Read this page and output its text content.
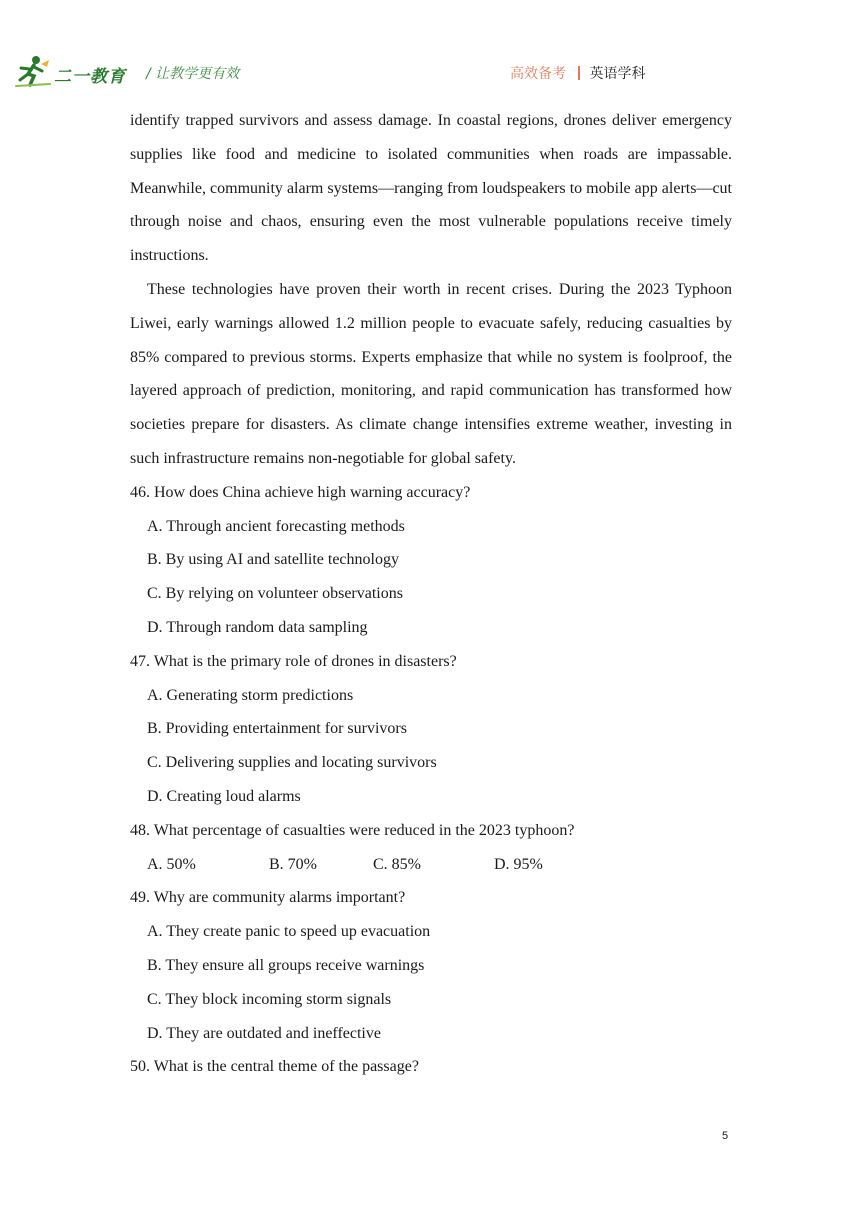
二一教育 / 让教学更有效	高效备考 英语学科

identify trapped survivors and assess damage. In coastal regions, drones deliver emergency supplies like food and medicine to isolated communities when roads are impassable. Meanwhile, community alarm systems—ranging from loudspeakers to mobile app alerts—cut through noise and chaos, ensuring even the most vulnerable populations receive timely instructions.

These technologies have proven their worth in recent crises. During the 2023 Typhoon Liwei, early warnings allowed 1.2 million people to evacuate safely, reducing casualties by 85% compared to previous storms. Experts emphasize that while no system is foolproof, the layered approach of prediction, monitoring, and rapid communication has transformed how societies prepare for disasters. As climate change intensifies extreme weather, investing in such infrastructure remains non-negotiable for global safety.

46. How does China achieve high warning accuracy?

A. Through ancient forecasting methods

B. By using AI and satellite technology

C. By relying on volunteer observations

D. Through random data sampling

47. What is the primary role of drones in disasters?

A. Generating storm predictions

B. Providing entertainment for survivors

C. Delivering supplies and locating survivors

D. Creating loud alarms

48. What percentage of casualties were reduced in the 2023 typhoon?

A. 50%	B. 70%	C. 85%	D. 95%

49. Why are community alarms important?

A. They create panic to speed up evacuation

B. They ensure all groups receive warnings

C. They block incoming storm signals

D. They are outdated and ineffective

50. What is the central theme of the passage?

5
